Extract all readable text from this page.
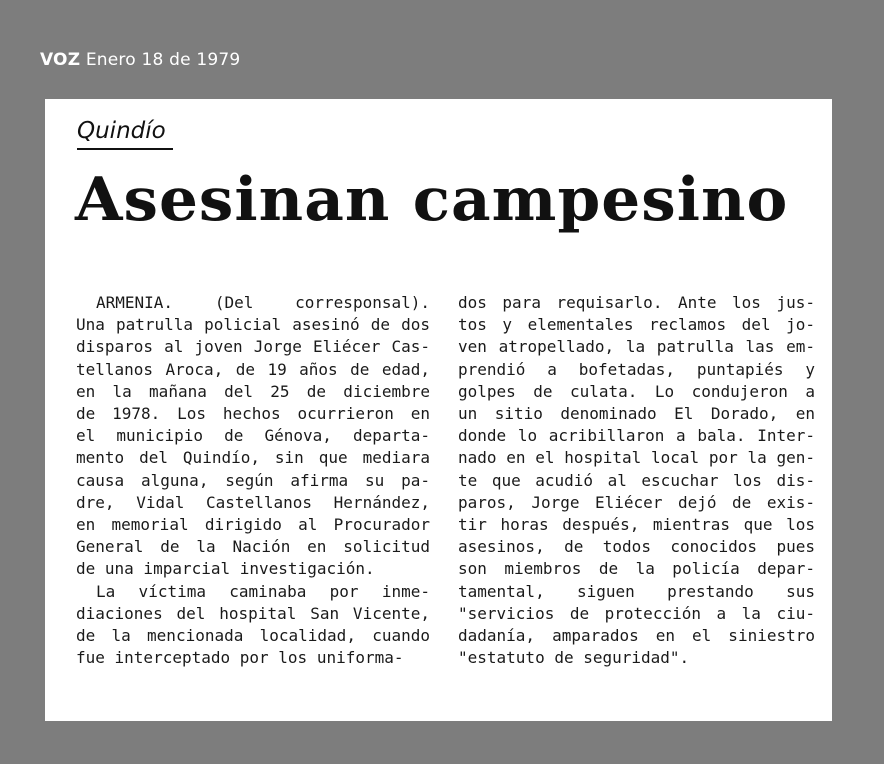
VOZ Enero 18 de 1979
Quindío
Asesinan campesino
ARMENIA. (Del corresponsal).
Una patrulla policial asesinó de dos
disparos al joven Jorge Eliécer Cas-
tellanos Aroca, de 19 años de edad,
en la mañana del 25 de diciembre
de 1978. Los hechos ocurrieron en
el municipio de Génova, departa-
mento del Quindío, sin que mediara
causa alguna, según afirma su pa-
dre, Vidal Castellanos Hernández,
en memorial dirigido al Procurador
General de la Nación en solicitud
de una imparcial investigación.
La víctima caminaba por inme-
diaciones del hospital San Vicente,
de la mencionada localidad, cuando
fue interceptado por los uniforma-
dos para requisarlo. Ante los jus-
tos y elementales reclamos del jo-
ven atropellado, la patrulla las em-
prendió a bofetadas, puntapiés y
golpes de culata. Lo condujeron a
un sitio denominado El Dorado, en
donde lo acribillaron a bala. Inter-
nado en el hospital local por la gen-
te que acudió al escuchar los dis-
paros, Jorge Eliécer dejó de exis-
tir horas después, mientras que los
asesinos, de todos conocidos pues
son miembros de la policía depar-
tamental, siguen prestando sus
"servicios de protección a la ciu-
dadanía, amparados en el siniestro
"estatuto de seguridad".
